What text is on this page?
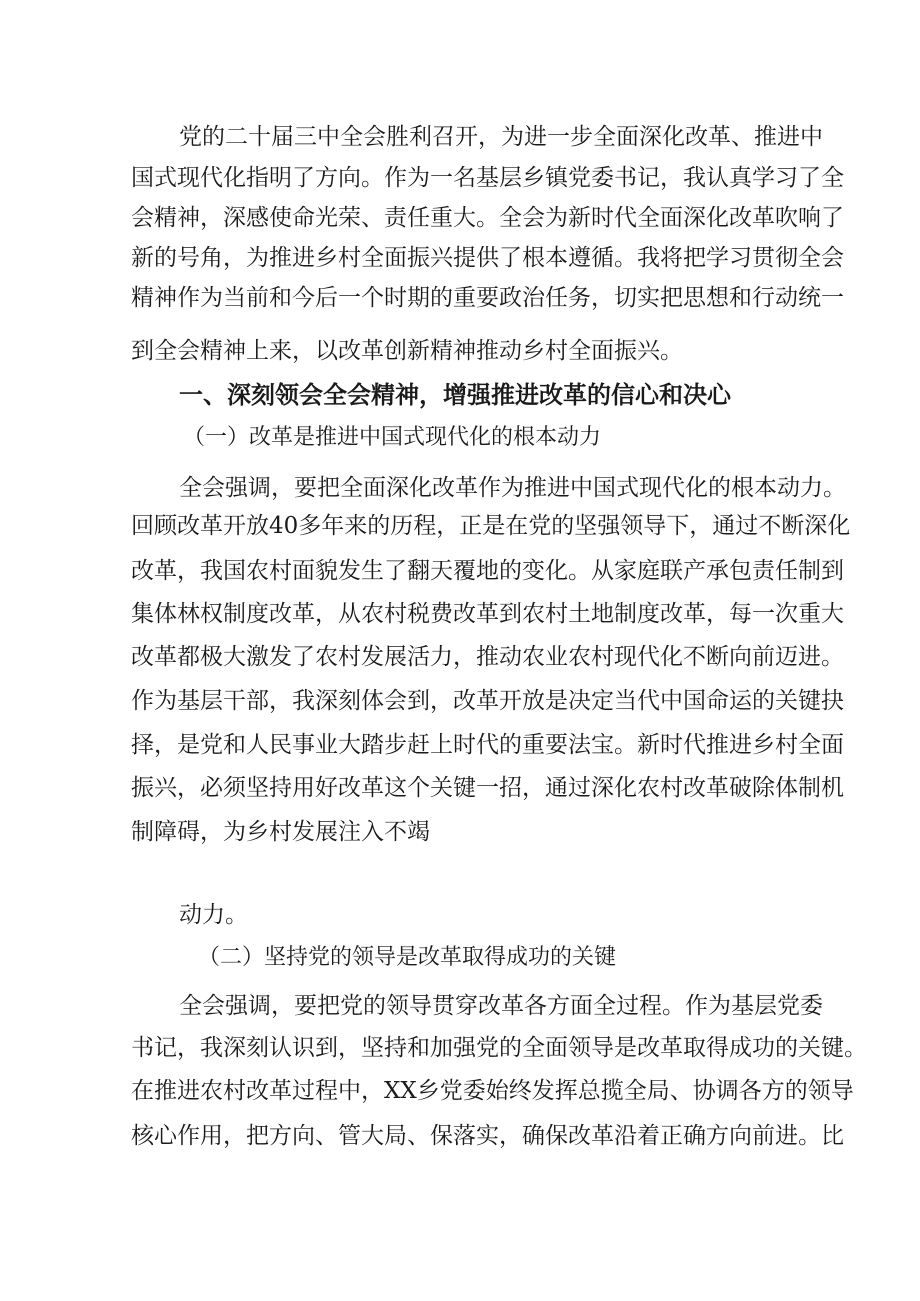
党的二十届三中全会胜利召开，为进一步全面深化改革、推进中
国式现代化指明了方向。作为一名基层乡镇党委书记，我认真学习了全
会精神，深感使命光荣、责任重大。全会为新时代全面深化改革吹响了
新的号角，为推进乡村全面振兴提供了根本遵循。我将把学习贯彻全会
精神作为当前和今后一个时期的重要政治任务，切实把思想和行动统一
到全会精神上来，以改革创新精神推动乡村全面振兴。
一、深刻领会全会精神，增强推进改革的信心和决心
（一）改革是推进中国式现代化的根本动力
全会强调，要把全面深化改革作为推进中国式现代化的根本动力。
回顾改革开放40多年来的历程，正是在党的坚强领导下，通过不断深化
改革，我国农村面貌发生了翻天覆地的变化。从家庭联产承包责任制到
集体林权制度改革，从农村税费改革到农村土地制度改革，每一次重大
改革都极大激发了农村发展活力，推动农业农村现代化不断向前迈进。
作为基层干部，我深刻体会到，改革开放是决定当代中国命运的关键抉
择，是党和人民事业大踏步赶上时代的重要法宝。新时代推进乡村全面
振兴，必须坚持用好改革这个关键一招，通过深化农村改革破除体制机
制障碍，为乡村发展注入不竭
动力。
（二）坚持党的领导是改革取得成功的关键
全会强调，要把党的领导贯穿改革各方面全过程。作为基层党委
书记，我深刻认识到，坚持和加强党的全面领导是改革取得成功的关键。
在推进农村改革过程中，XX乡党委始终发挥总揽全局、协调各方的领导
核心作用，把方向、管大局、保落实，确保改革沿着正确方向前进。比
